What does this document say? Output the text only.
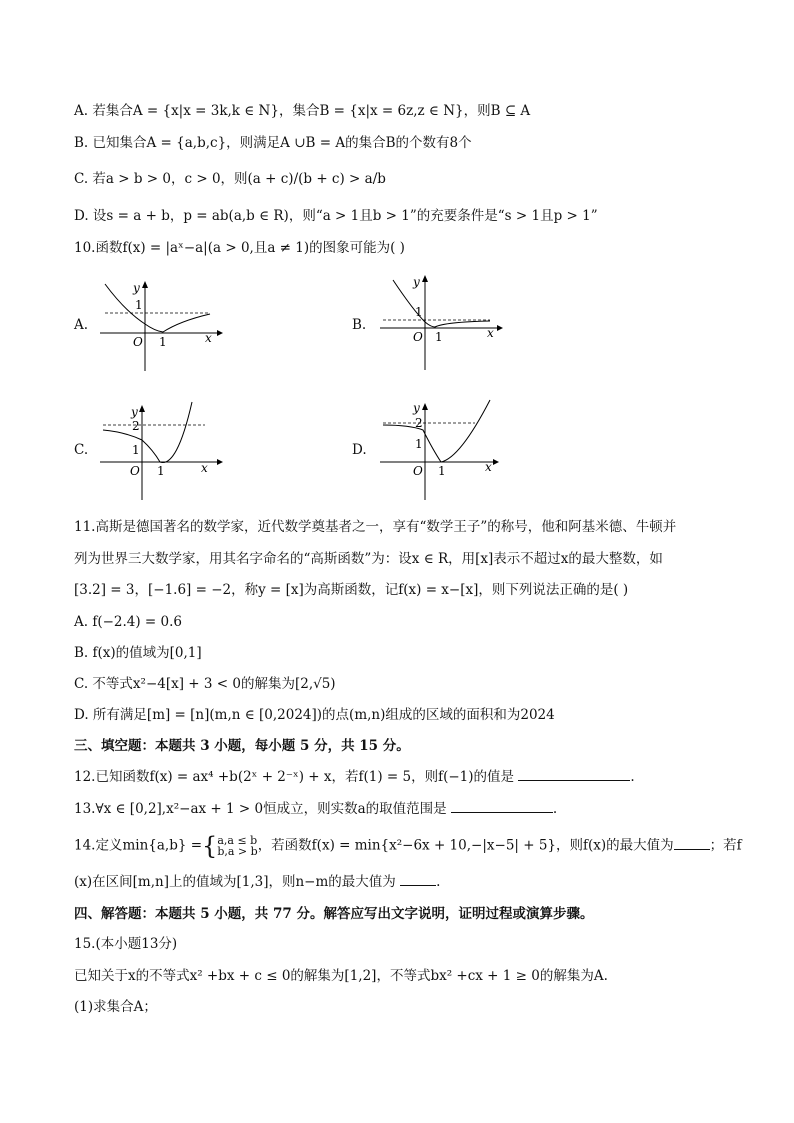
A. 若集合A = {x|x = 3k,k ∈ N}，集合B = {x|x = 6z,z ∈ N}，则B ⊆ A
B. 已知集合A = {a,b,c}，则满足A ∪B = A的集合B的个数有8个
C. 若a > b > 0，c > 0，则(a + c)/(b + c) > a/b
D. 设s = a + b，p = ab(a,b ∈ R)，则“a > 1且b > 1”的充要条件是“s > 1且p > 1”
10.函数f(x) = |aˣ−a|(a > 0,且a ≠ 1)的图象可能为( )
A.
y
1
O 1	x
B.
y
1
O 1	x
C.
y
2
1
O 1	x
D.
y
2
1
O 1	x
11.高斯是德国著名的数学家，近代数学奠基者之一，享有“数学王子”的称号，他和阿基米德、牛顿并
列为世界三大数学家，用其名字命名的“高斯函数”为：设x ∈ R，用[x]表示不超过x的最大整数，如
[3.2] = 3，[−1.6] = −2，称y = [x]为高斯函数，记f(x) = x−[x]，则下列说法正确的是( )
A. f(−2.4) = 0.6
B. f(x)的值域为[0,1]
C. 不等式x²−4[x] + 3 < 0的解集为[2,√5)
D. 所有满足[m] = [n](m,n ∈ [0,2024])的点(m,n)组成的区域的面积和为2024
三、填空题：本题共 3 小题，每小题 5 分，共 15 分。
12.已知函数f(x) = ax⁴ +b(2ˣ + 2⁻ˣ) + x，若f(1) = 5，则f(−1)的值是	.
13.∀x ∈ [0,2],x²−ax + 1 > 0恒成立，则实数a的取值范围是	.
14.定义min{a,b} ={ a,a ≤ b
b,a > b ，若函数f(x) = min{x²−6x + 10,−|x−5| + 5}，则f(x)的最大值为	；若f
(x)在区间[m,n]上的值域为[1,3]，则n−m的最大值为	.
四、解答题：本题共 5 小题，共 77 分。解答应写出文字说明，证明过程或演算步骤。
15.(本小题13分)
已知关于x的不等式x² +bx + c ≤ 0的解集为[1,2]，不等式bx² +cx + 1 ≥ 0的解集为A.
(1)求集合A；
